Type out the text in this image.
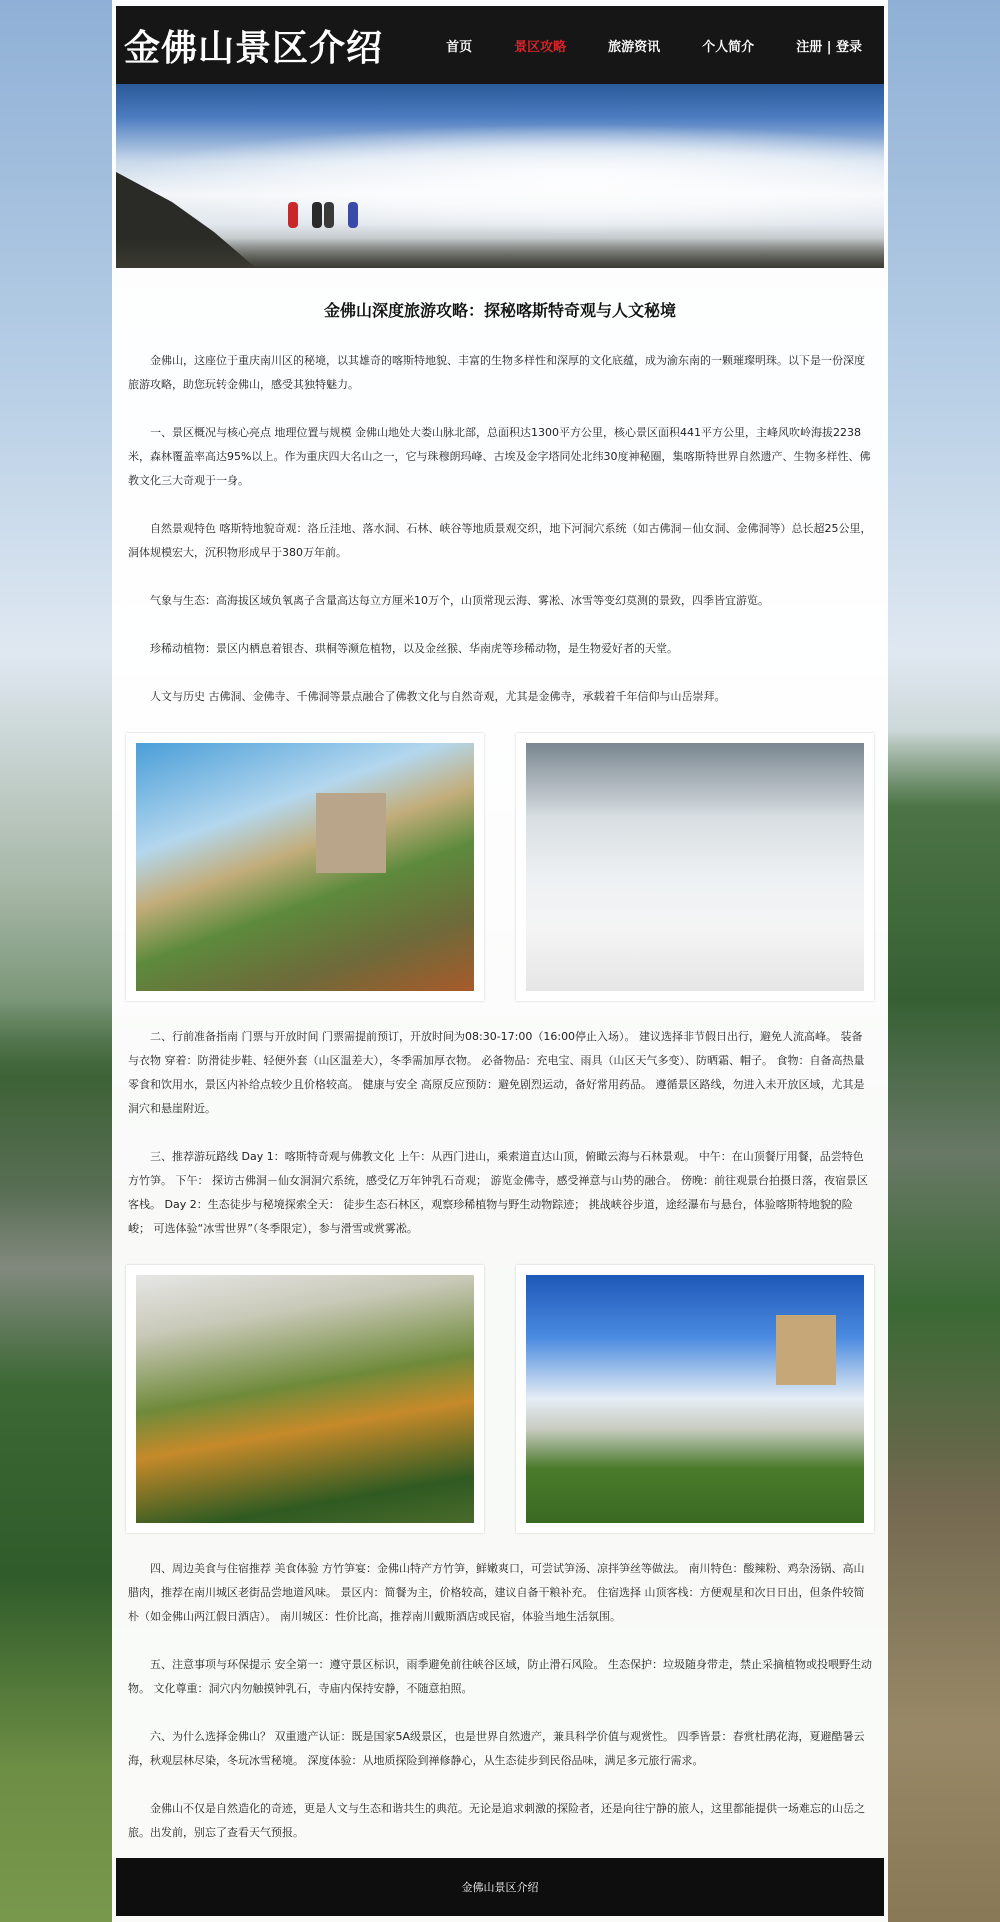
金佛山景区介绍	首页	景区攻略	旅游资讯	个人简介	注册 | 登录
金佛山深度旅游攻略：探秘喀斯特奇观与人文秘境

金佛山，这座位于重庆南川区的秘境，以其雄奇的喀斯特地貌、丰富的生物多样性和深厚的文化底蕴，成为渝东南的一颗璀璨明珠。以下是一份深度旅游攻略，助您玩转金佛山，感受其独特魅力。

一、景区概况与核心亮点 地理位置与规模 金佛山地处大娄山脉北部，总面积达1300平方公里，核心景区面积441平方公里，主峰风吹岭海拔2238米，森林覆盖率高达95%以上。作为重庆四大名山之一，它与珠穆朗玛峰、古埃及金字塔同处北纬30度神秘圈，集喀斯特世界自然遗产、生物多样性、佛教文化三大奇观于一身。

自然景观特色 喀斯特地貌奇观：洛丘洼地、落水洞、石林、峡谷等地质景观交织，地下河洞穴系统（如古佛洞－仙女洞、金佛洞等）总长超25公里，洞体规模宏大，沉积物形成早于380万年前。

气象与生态：高海拔区域负氧离子含量高达每立方厘米10万个，山顶常现云海、雾凇、冰雪等变幻莫测的景致，四季皆宜游览。

珍稀动植物：景区内栖息着银杏、珙桐等濒危植物，以及金丝猴、华南虎等珍稀动物，是生物爱好者的天堂。

人文与历史 古佛洞、金佛寺、千佛洞等景点融合了佛教文化与自然奇观，尤其是金佛寺，承载着千年信仰与山岳崇拜。

二、行前准备指南 门票与开放时间 门票需提前预订，开放时间为08:30-17:00（16:00停止入场）。 建议选择非节假日出行，避免人流高峰。 装备与衣物 穿着：防滑徒步鞋、轻便外套（山区温差大），冬季需加厚衣物。 必备物品：充电宝、雨具（山区天气多变）、防晒霜、帽子。 食物：自备高热量零食和饮用水，景区内补给点较少且价格较高。 健康与安全 高原反应预防：避免剧烈运动，备好常用药品。 遵循景区路线，勿进入未开放区域，尤其是洞穴和悬崖附近。

三、推荐游玩路线 Day 1：喀斯特奇观与佛教文化 上午：从西门进山，乘索道直达山顶，俯瞰云海与石林景观。 中午：在山顶餐厅用餐，品尝特色方竹笋。 下午： 探访古佛洞－仙女洞洞穴系统，感受亿万年钟乳石奇观； 游览金佛寺，感受禅意与山势的融合。 傍晚：前往观景台拍摄日落，夜宿景区客栈。 Day 2：生态徒步与秘境探索全天： 徒步生态石林区，观察珍稀植物与野生动物踪迹； 挑战峡谷步道，途经瀑布与悬台，体验喀斯特地貌的险峻； 可选体验“冰雪世界”（冬季限定），参与滑雪或赏雾凇。

四、周边美食与住宿推荐 美食体验 方竹笋宴：金佛山特产方竹笋，鲜嫩爽口，可尝试笋汤、凉拌笋丝等做法。 南川特色：酸辣粉、鸡杂汤锅、高山腊肉，推荐在南川城区老街品尝地道风味。 景区内：简餐为主，价格较高，建议自备干粮补充。 住宿选择 山顶客栈：方便观星和次日日出，但条件较简朴（如金佛山两江假日酒店）。 南川城区：性价比高，推荐南川戴斯酒店或民宿，体验当地生活氛围。

五、注意事项与环保提示 安全第一：遵守景区标识，雨季避免前往峡谷区域，防止滑石风险。 生态保护：垃圾随身带走，禁止采摘植物或投喂野生动物。 文化尊重：洞穴内勿触摸钟乳石，寺庙内保持安静，不随意拍照。

六、为什么选择金佛山？ 双重遗产认证：既是国家5A级景区，也是世界自然遗产，兼具科学价值与观赏性。 四季皆景：春赏杜鹃花海，夏避酷暑云海，秋观层林尽染，冬玩冰雪秘境。 深度体验：从地质探险到禅修静心，从生态徒步到民俗品味，满足多元旅行需求。

金佛山不仅是自然造化的奇迹，更是人文与生态和谐共生的典范。无论是追求刺激的探险者，还是向往宁静的旅人，这里都能提供一场难忘的山岳之旅。出发前，别忘了查看天气预报。

金佛山景区介绍
